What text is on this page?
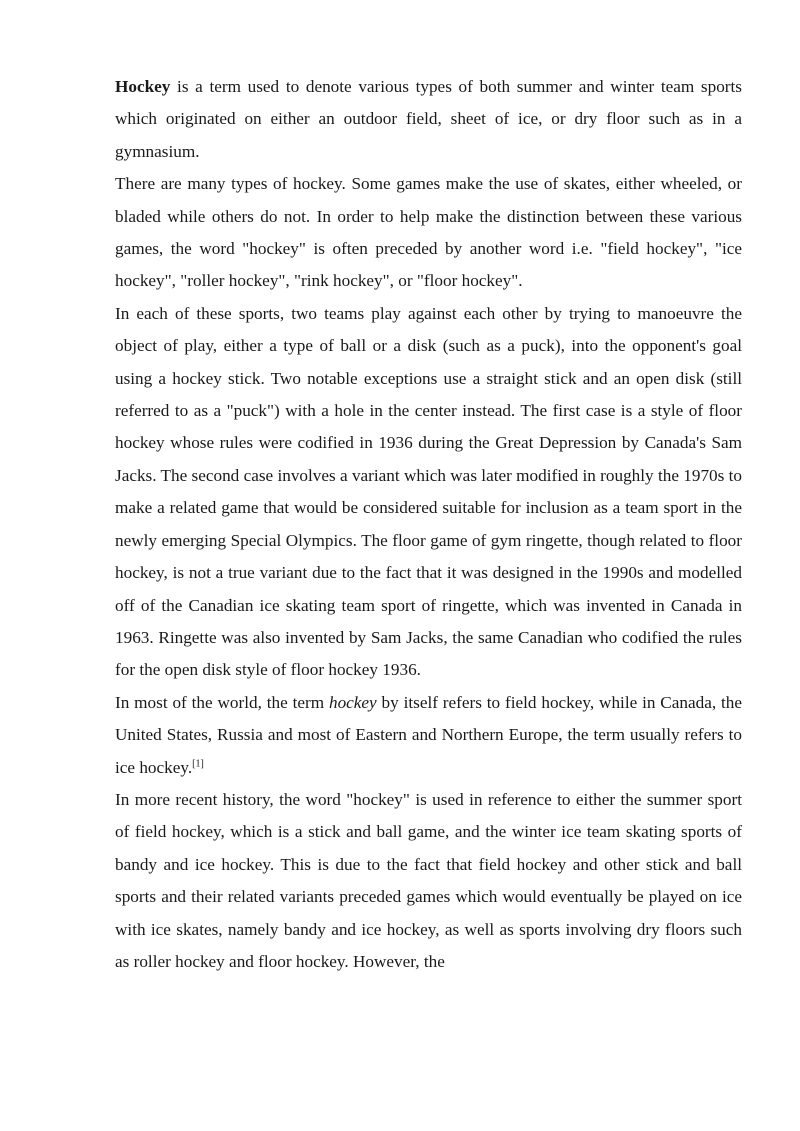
Hockey is a term used to denote various types of both summer and winter team sports which originated on either an outdoor field, sheet of ice, or dry floor such as in a gymnasium.

There are many types of hockey. Some games make the use of skates, either wheeled, or bladed while others do not. In order to help make the distinction between these various games, the word "hockey" is often preceded by another word i.e. "field hockey", "ice hockey", "roller hockey", "rink hockey", or "floor hockey".

In each of these sports, two teams play against each other by trying to manoeuvre the object of play, either a type of ball or a disk (such as a puck), into the opponent's goal using a hockey stick. Two notable exceptions use a straight stick and an open disk (still referred to as a "puck") with a hole in the center instead. The first case is a style of floor hockey whose rules were codified in 1936 during the Great Depression by Canada's Sam Jacks. The second case involves a variant which was later modified in roughly the 1970s to make a related game that would be considered suitable for inclusion as a team sport in the newly emerging Special Olympics. The floor game of gym ringette, though related to floor hockey, is not a true variant due to the fact that it was designed in the 1990s and modelled off of the Canadian ice skating team sport of ringette, which was invented in Canada in 1963. Ringette was also invented by Sam Jacks, the same Canadian who codified the rules for the open disk style of floor hockey 1936.

In most of the world, the term hockey by itself refers to field hockey, while in Canada, the United States, Russia and most of Eastern and Northern Europe, the term usually refers to ice hockey.[1]

In more recent history, the word "hockey" is used in reference to either the summer sport of field hockey, which is a stick and ball game, and the winter ice team skating sports of bandy and ice hockey. This is due to the fact that field hockey and other stick and ball sports and their related variants preceded games which would eventually be played on ice with ice skates, namely bandy and ice hockey, as well as sports involving dry floors such as roller hockey and floor hockey. However, the
